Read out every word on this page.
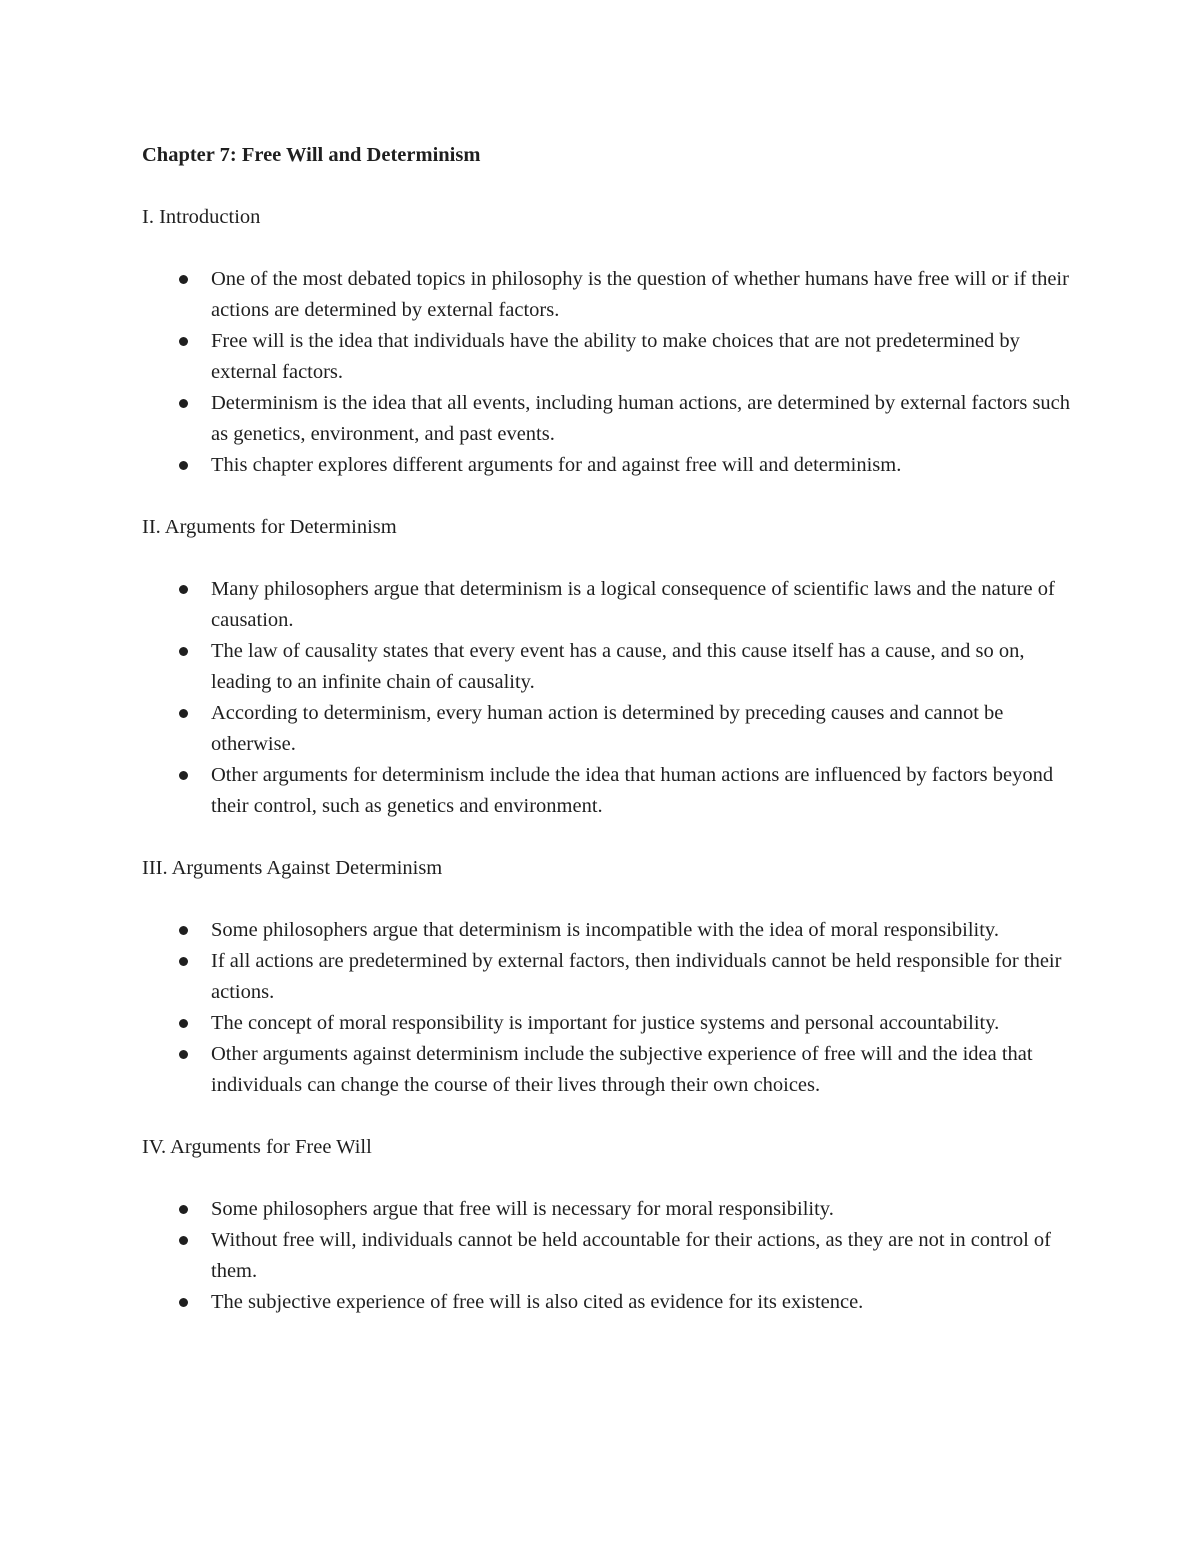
Chapter 7: Free Will and Determinism

I. Introduction

One of the most debated topics in philosophy is the question of whether humans have free will or if their actions are determined by external factors.
Free will is the idea that individuals have the ability to make choices that are not predetermined by external factors.
Determinism is the idea that all events, including human actions, are determined by external factors such as genetics, environment, and past events.
This chapter explores different arguments for and against free will and determinism.

II. Arguments for Determinism

Many philosophers argue that determinism is a logical consequence of scientific laws and the nature of causation.
The law of causality states that every event has a cause, and this cause itself has a cause, and so on, leading to an infinite chain of causality.
According to determinism, every human action is determined by preceding causes and cannot be otherwise.
Other arguments for determinism include the idea that human actions are influenced by factors beyond their control, such as genetics and environment.

III. Arguments Against Determinism

Some philosophers argue that determinism is incompatible with the idea of moral responsibility.
If all actions are predetermined by external factors, then individuals cannot be held responsible for their actions.
The concept of moral responsibility is important for justice systems and personal accountability.
Other arguments against determinism include the subjective experience of free will and the idea that individuals can change the course of their lives through their own choices.

IV. Arguments for Free Will

Some philosophers argue that free will is necessary for moral responsibility.
Without free will, individuals cannot be held accountable for their actions, as they are not in control of them.
The subjective experience of free will is also cited as evidence for its existence.
